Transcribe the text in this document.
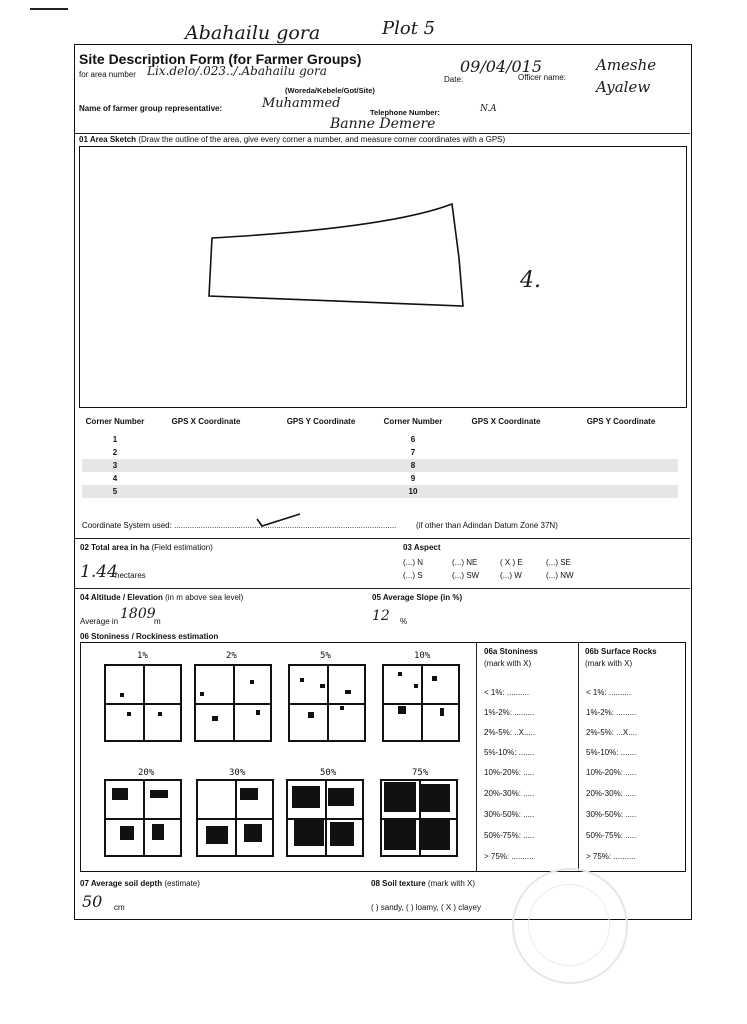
Abahailu gora	Plot 5
Site Description Form (for Farmer Groups)
for area number Lix.delo/.023../.Abahailu gora
(Woreda/Kebele/Got/Site)
Date:
09/04/015
Officer name:
Ameshe Ayalew
Name of farmer group representative:	Muhammed
Telephone Number:	N.A
Banne Demere
01 Area Sketch (Draw the outline of the area, give every corner a number, and measure corner coordinates with a GPS)
4.
Corner Number	GPS X Coordinate	GPS Y Coordinate	Corner Number	GPS X Coordinate	GPS Y Coordinate
1			6		
2			7		
3			8		
4			9		
5			10		
Coordinate System used: .................................................................................................... (if other than Adindan Datum Zone 37N)
02 Total area in ha (Field estimation)
1.44
hectares
03 Aspect
(...) N	(...) NE	( X ) E	(...) SE
(...) S	(...) SW	(...) W	(...) NW
04 Altitude / Elevation (in m above sea level)
Average in 1809
m
05 Average Slope (in %)
12 %
06 Stoniness / Rockiness estimation
1%	2%	5%	10%
20%	30%	50%	75%
06a Stoniness
(mark with X)
< 1%: ..........
1%-2%: .........
2%-5%: ..X.....
5%-10%: .......
10%-20%: .....
20%-30%: .....
30%-50%: .....
50%-75%: .....
> 75%: ..........
06b Surface Rocks
(mark with X)
< 1%: ..........
1%-2%: .........
2%-5%: ...X....
5%-10%: .......
10%-20%: .....
20%-30%: .....
30%-50%: .....
50%-75%: .....
> 75%: ..........
07 Average soil depth (estimate)
50 cm
08 Soil texture (mark with X)
( ) sandy, ( ) loamy, ( X ) clayey
